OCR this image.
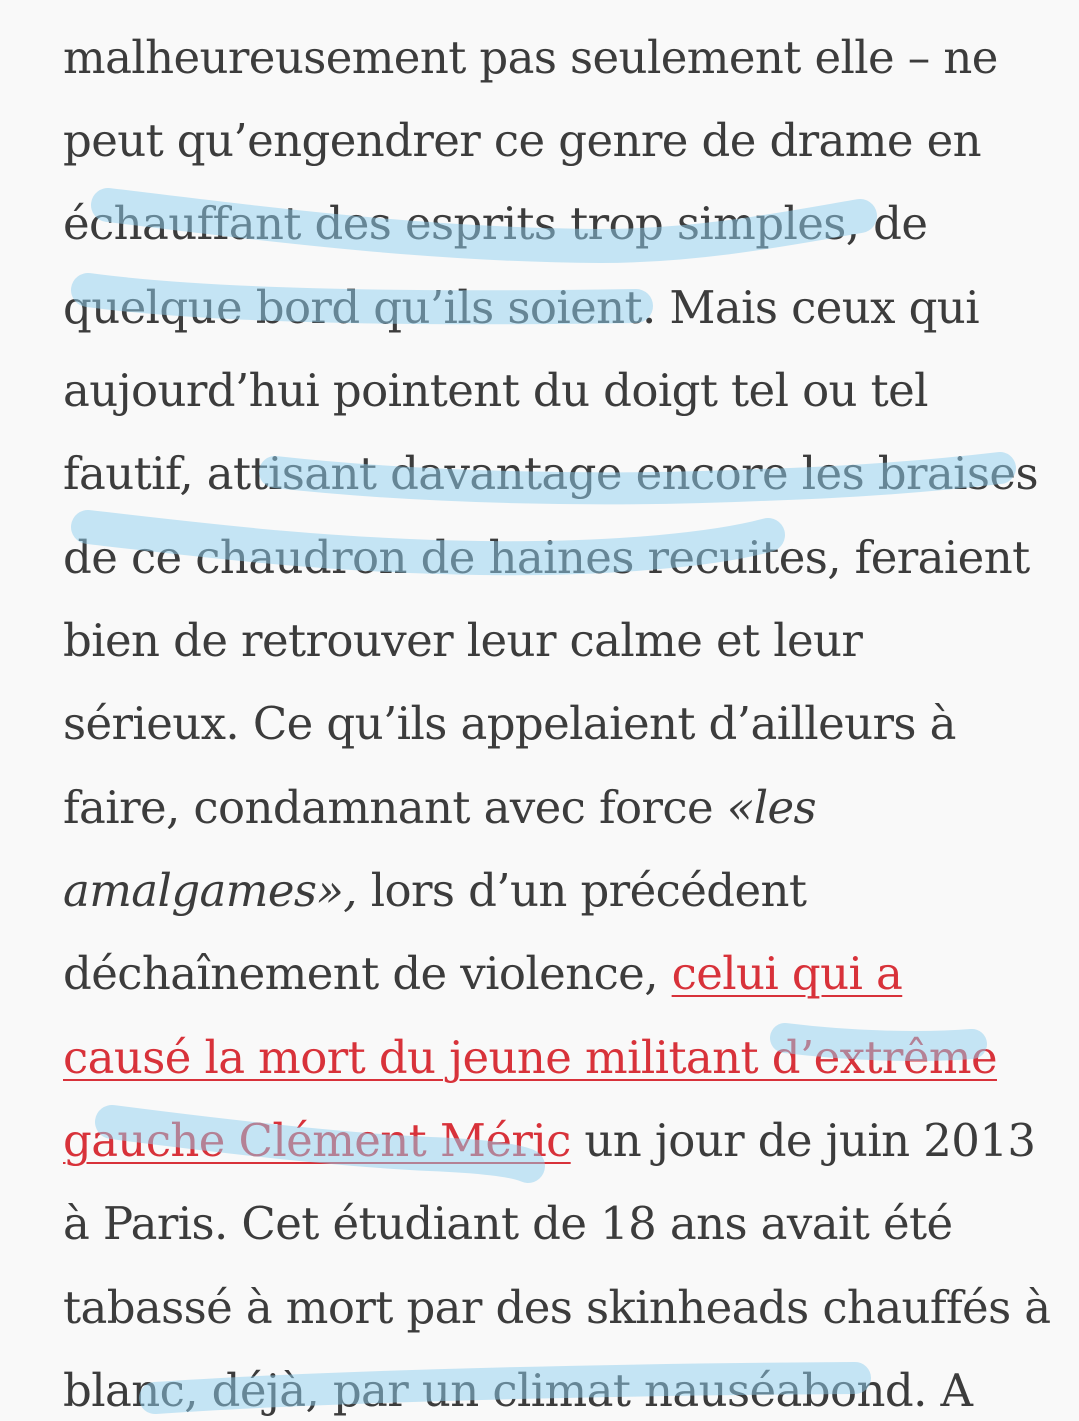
malheureusement pas seulement elle – ne
peut qu’engendrer ce genre de drame en
échauffant des esprits trop simples, de
quelque bord qu’ils soient. Mais ceux qui
aujourd’hui pointent du doigt tel ou tel
fautif, attisant davantage encore les braises
de ce chaudron de haines recuites, feraient
bien de retrouver leur calme et leur
sérieux. Ce qu’ils appelaient d’ailleurs à
faire, condamnant avec force «les
amalgames», lors d’un précédent
déchaînement de violence, celui qui a
causé la mort du jeune militant d’extrême
gauche Clément Méric un jour de juin 2013
à Paris. Cet étudiant de 18 ans avait été
tabassé à mort par des skinheads chauffés à
blanc, déjà, par un climat nauséabond. A
